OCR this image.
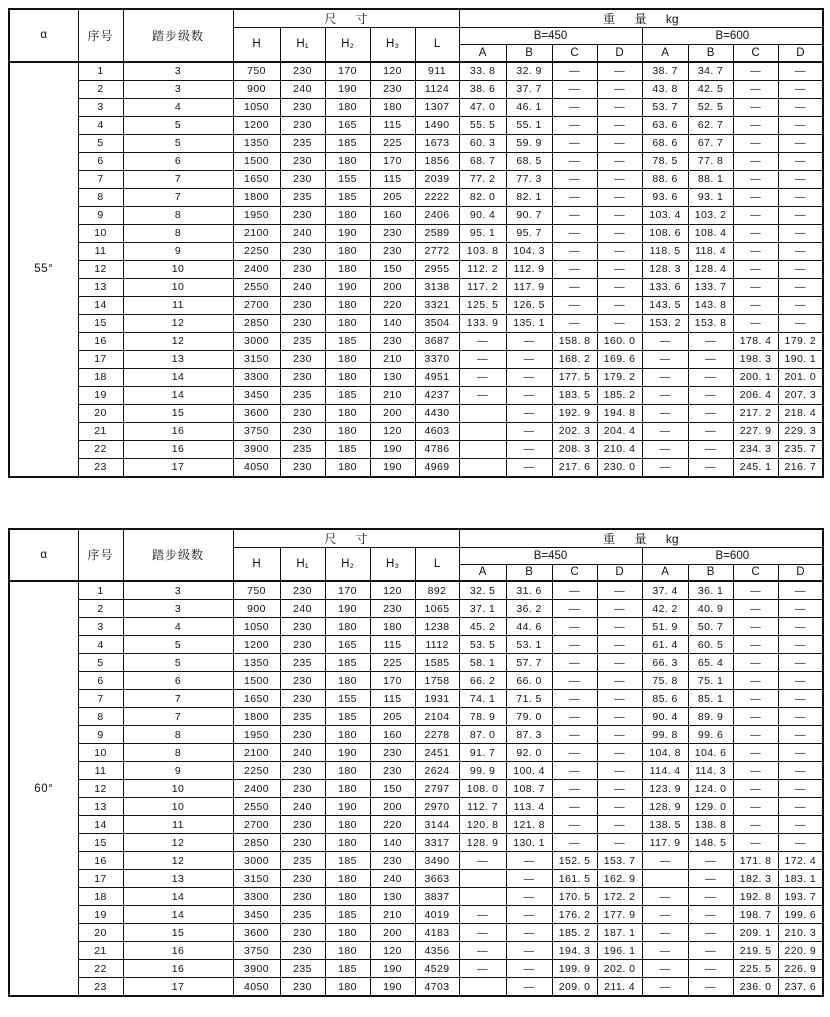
α	序号	踏步级数	尺 寸					重 量 kg							
			H	H₁	H₂	H₃	L	B=450				B=600			
								A	B	C	D	A	B	C	D
55°	1	3	750	230	170	120	911	33. 8	32. 9	—	—	38. 7	34. 7	—	—
	2	3	900	240	190	230	1124	38. 6	37. 7	—	—	43. 8	42. 5	—	—
	3	4	1050	230	180	180	1307	47. 0	46. 1	—	—	53. 7	52. 5	—	—
	4	5	1200	230	165	115	1490	55. 5	55. 1	—	—	63. 6	62. 7	—	—
	5	5	1350	235	185	225	1673	60. 3	59. 9	—	—	68. 6	67. 7	—	—
	6	6	1500	230	180	170	1856	68. 7	68. 5	—	—	78. 5	77. 8	—	—
	7	7	1650	230	155	115	2039	77. 2	77. 3	—	—	88. 6	88. 1	—	—
	8	7	1800	235	185	205	2222	82. 0	82. 1	—	—	93. 6	93. 1	—	—
	9	8	1950	230	180	160	2406	90. 4	90. 7	—	—	103. 4	103. 2	—	—
	10	8	2100	240	190	230	2589	95. 1	95. 7	—	—	108. 6	108. 4	—	—
	11	9	2250	230	180	230	2772	103. 8	104. 3	—	—	118. 5	118. 4	—	—
	12	10	2400	230	180	150	2955	112. 2	112. 9	—	—	128. 3	128. 4	—	—
	13	10	2550	240	190	200	3138	117. 2	117. 9	—	—	133. 6	133. 7	—	—
	14	11	2700	230	180	220	3321	125. 5	126. 5	—	—	143. 5	143. 8	—	—
	15	12	2850	230	180	140	3504	133. 9	135. 1	—	—	153. 2	153. 8	—	—
	16	12	3000	235	185	230	3687	—	—	158. 8	160. 0	—	—	178. 4	179. 2
	17	13	3150	230	180	210	3370	—	—	168. 2	169. 6	—	—	198. 3	190. 1
	18	14	3300	230	180	130	4951	—	—	177. 5	179. 2	—	—	200. 1	201. 0
	19	14	3450	235	185	210	4237	—	—	183. 5	185. 2	—	—	206. 4	207. 3
	20	15	3600	230	180	200	4430		—	192. 9	194. 8	—	—	217. 2	218. 4
	21	16	3750	230	180	120	4603		—	202. 3	204. 4	—	—	227. 9	229. 3
	22	16	3900	235	185	190	4786		—	208. 3	210. 4	—	—	234. 3	235. 7
	23	17	4050	230	180	190	4969		—	217. 6	230. 0	—	—	245. 1	216. 7
α	序号	踏步级数	尺 寸					重 量 kg							
			H	H₁	H₂	H₃	L	B=450				B=600			
								A	B	C	D	A	B	C	D
60°	1	3	750	230	170	120	892	32. 5	31. 6	—	—	37. 4	36. 1	—	—
	2	3	900	240	190	230	1065	37. 1	36. 2	—	—	42. 2	40. 9	—	—
	3	4	1050	230	180	180	1238	45. 2	44. 6	—	—	51. 9	50. 7	—	—
	4	5	1200	230	165	115	1112	53. 5	53. 1	—	—	61. 4	60. 5	—	—
	5	5	1350	235	185	225	1585	58. 1	57. 7	—	—	66. 3	65. 4	—	—
	6	6	1500	230	180	170	1758	66. 2	66. 0	—	—	75. 8	75. 1	—	—
	7	7	1650	230	155	115	1931	74. 1	71. 5	—	—	85. 6	85. 1	—	—
	8	7	1800	235	185	205	2104	78. 9	79. 0	—	—	90. 4	89. 9	—	—
	9	8	1950	230	180	160	2278	87. 0	87. 3	—	—	99. 8	99. 6	—	—
	10	8	2100	240	190	230	2451	91. 7	92. 0	—	—	104. 8	104. 6	—	—
	11	9	2250	230	180	230	2624	99. 9	100. 4	—	—	114. 4	114. 3	—	—
	12	10	2400	230	180	150	2797	108. 0	108. 7	—	—	123. 9	124. 0	—	—
	13	10	2550	240	190	200	2970	112. 7	113. 4	—	—	128. 9	129. 0	—	—
	14	11	2700	230	180	220	3144	120. 8	121. 8	—	—	138. 5	138. 8	—	—
	15	12	2850	230	180	140	3317	128. 9	130. 1	—	—	117. 9	148. 5	—	—
	16	12	3000	235	185	230	3490	—	—	152. 5	153. 7	—	—	171. 8	172. 4
	17	13	3150	230	180	240	3663		—	161. 5	162. 9		—	182. 3	183. 1
	18	14	3300	230	180	130	3837		—	170. 5	172. 2	—	—	192. 8	193. 7
	19	14	3450	235	185	210	4019	—	—	176. 2	177. 9	—	—	198. 7	199. 6
	20	15	3600	230	180	200	4183	—	—	185. 2	187. 1	—	—	209. 1	210. 3
	21	16	3750	230	180	120	4356	—	—	194. 3	196. 1	—	—	219. 5	220. 9
	22	16	3900	235	185	190	4529	—	—	199. 9	202. 0	—	—	225. 5	226. 9
	23	17	4050	230	180	190	4703		—	209. 0	211. 4	—	—	236. 0	237. 6
